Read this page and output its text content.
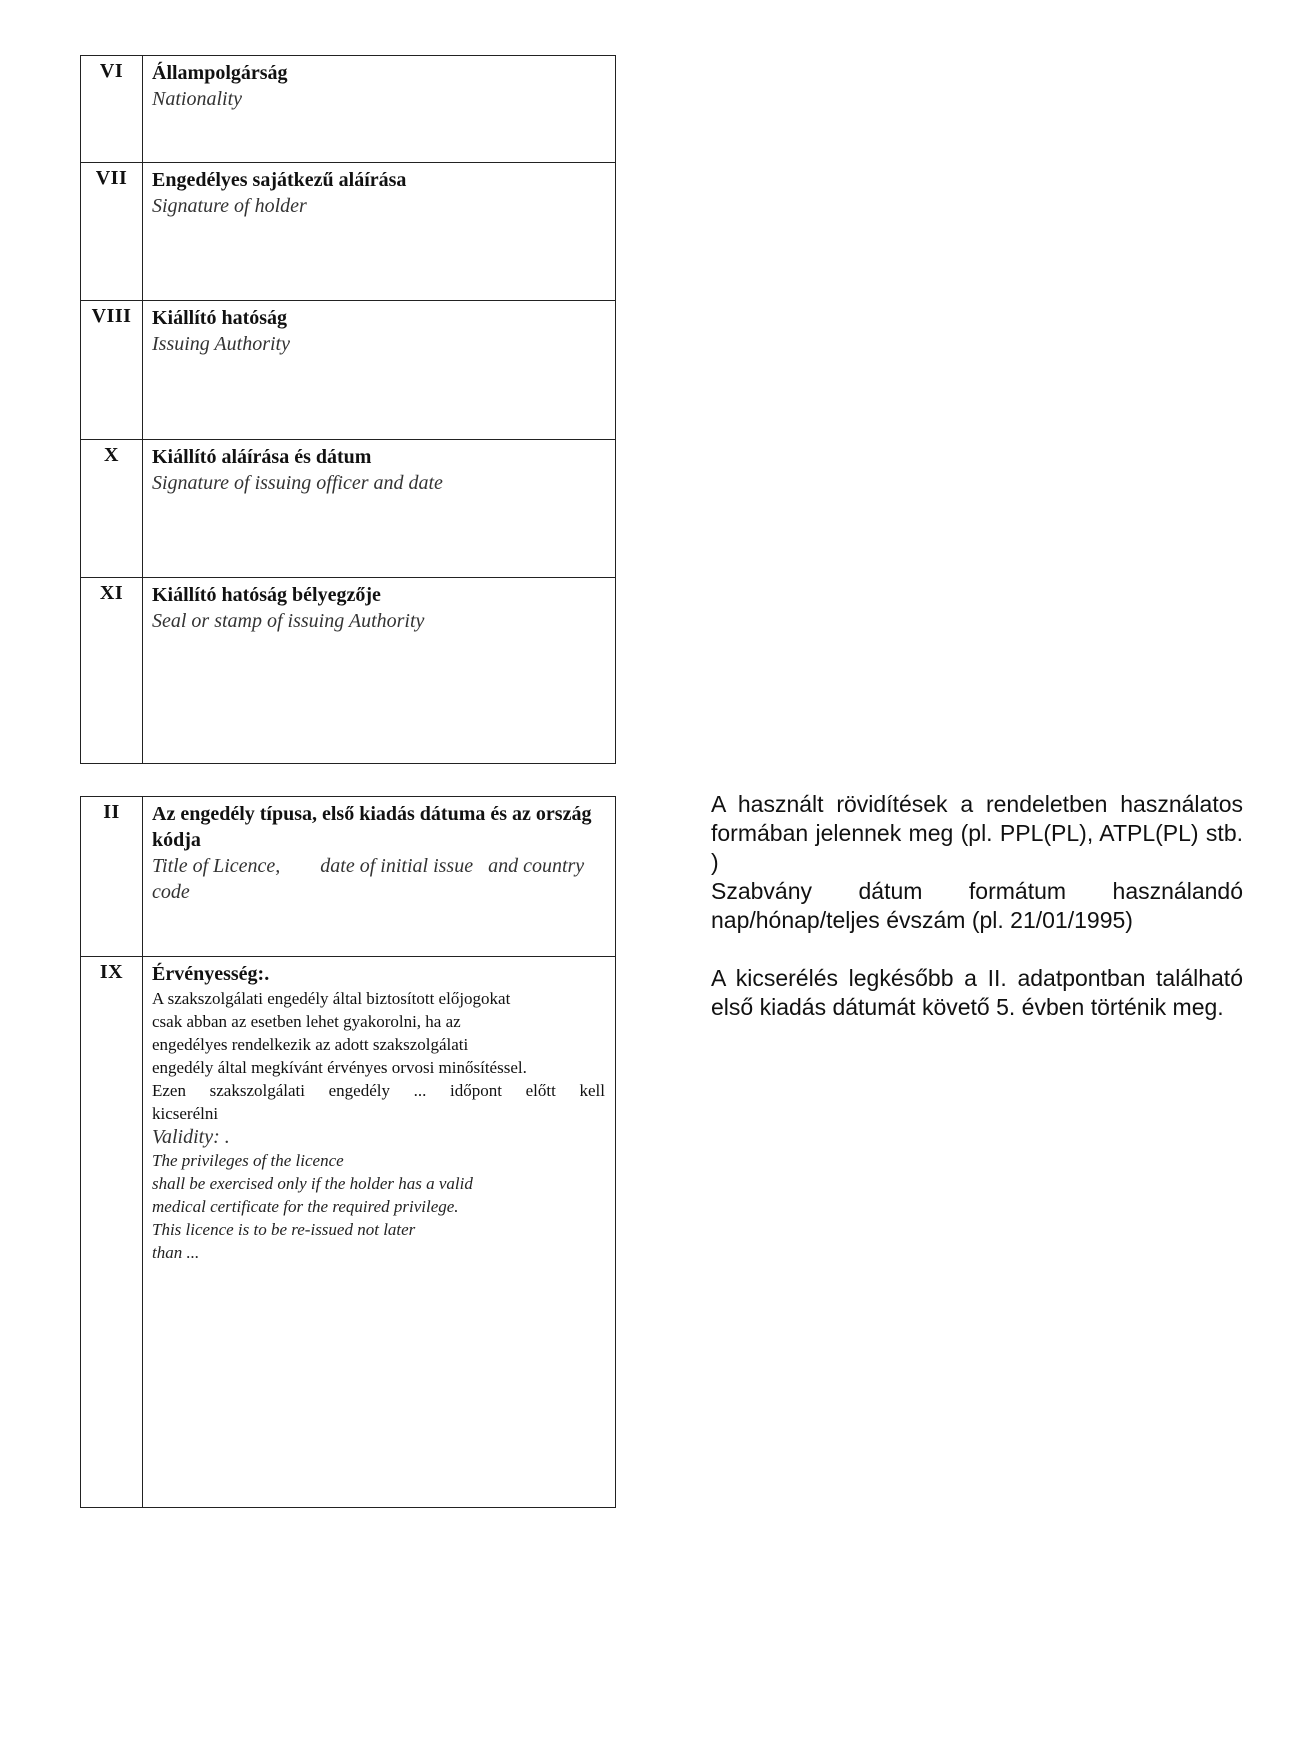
VI	Állampolgárság
Nationality
VII	Engedélyes sajátkezű aláírása
Signature of holder
VIII	Kiállító hatóság
Issuing Authority
X	Kiállító aláírása és dátum
Signature of issuing officer and date
XI	Kiállító hatóság bélyegzője
Seal or stamp of issuing Authority
II	Az engedély típusa, első kiadás dátuma és az ország kódja
Title of Licence,        date of initial issue   and country code
IX	Érvényesség:.
A szakszolgálati engedély által biztosított előjogokat
csak abban az esetben lehet gyakorolni, ha az
engedélyes rendelkezik az adott szakszolgálati
engedély által megkívánt érvényes orvosi minősítéssel.
Ezen szakszolgálati engedély ... időpont előtt kell
kicserélni
Validity: .
The privileges of the licence
shall be exercised only if the holder has a valid
medical certificate for the required privilege.
This licence is to be re-issued not later
than ...

A használt rövidítések a rendeletben használatos formában jelennek meg (pl. PPL(PL), ATPL(PL) stb. )

Szabvány dátum formátum használandó nap/hónap/teljes évszám (pl. 21/01/1995)

A kicserélés legkésőbb a II. adatpontban található első kiadás dátumát követő 5. évben történik meg.
